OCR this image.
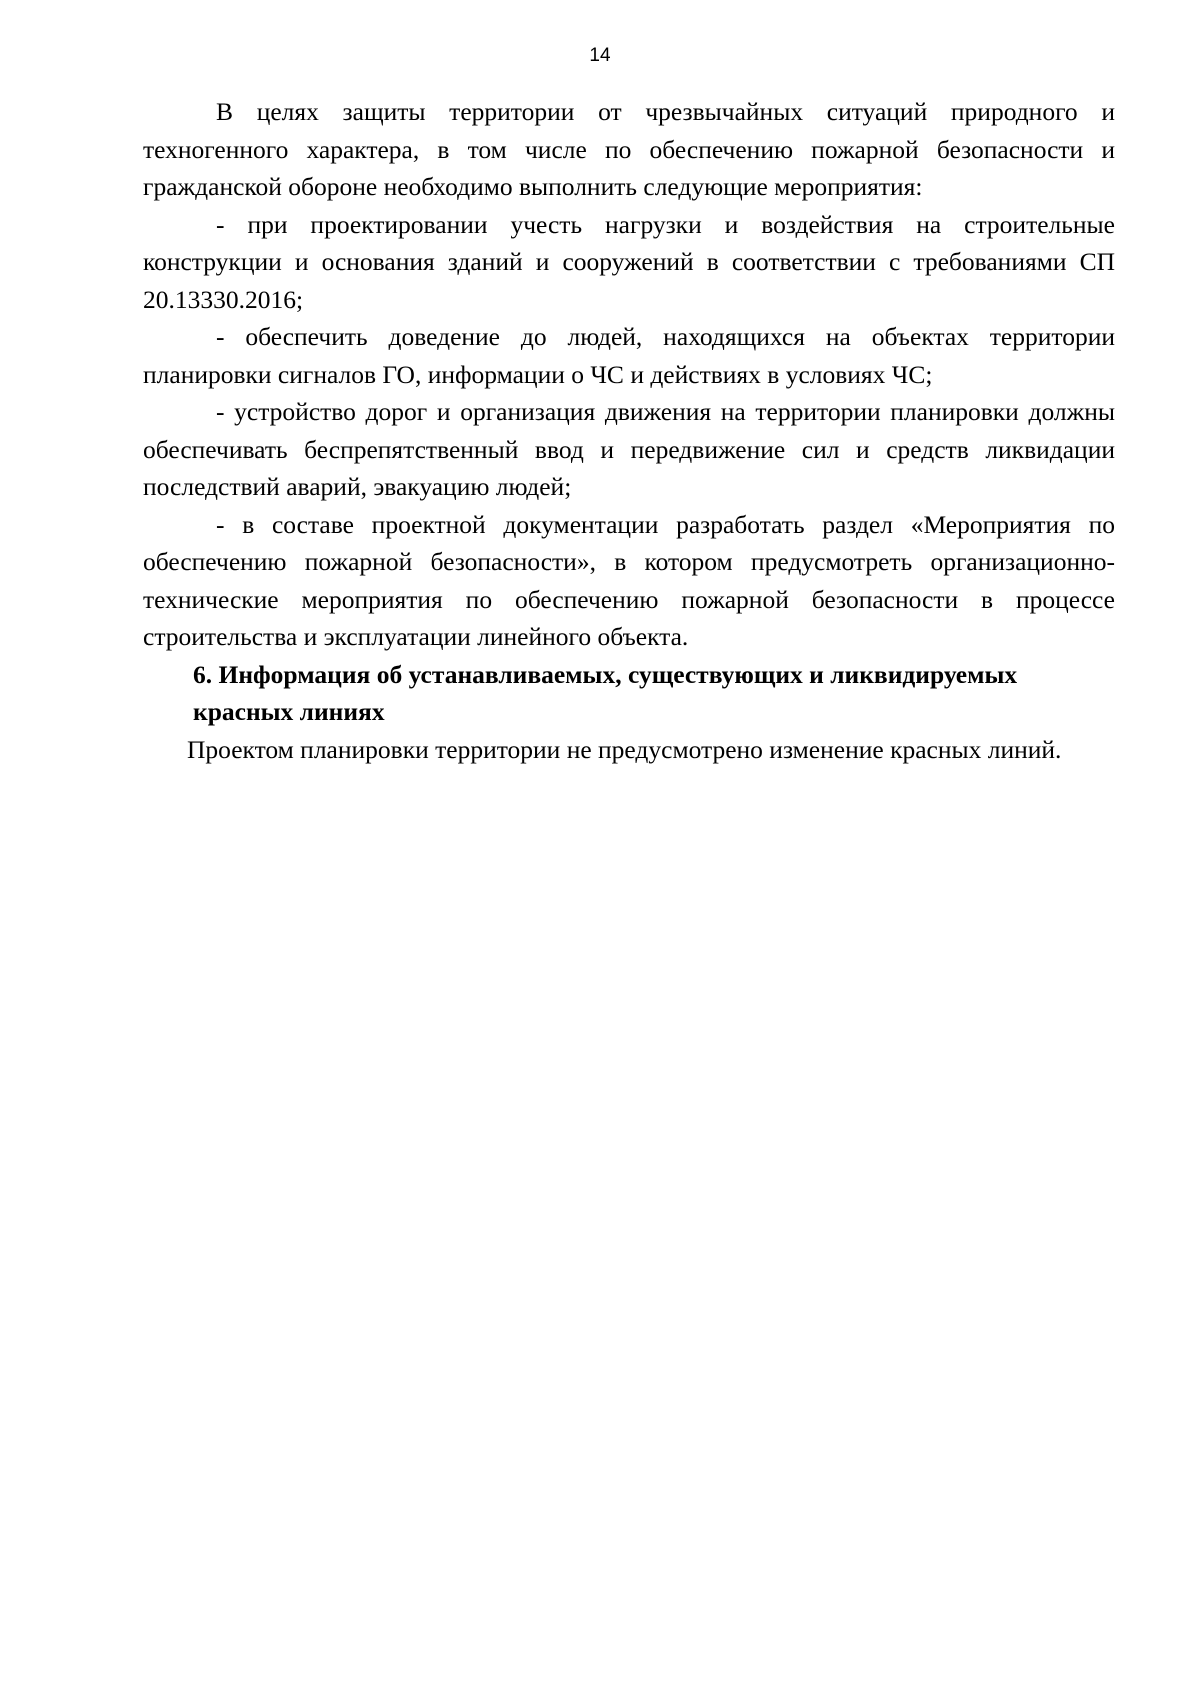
14

В целях защиты территории от чрезвычайных ситуаций природного и техногенного характера, в том числе по обеспечению пожарной безопасности и гражданской обороне необходимо выполнить следующие мероприятия:

- при проектировании учесть нагрузки и воздействия на строительные конструкции и основания зданий и сооружений в соответствии с требованиями СП 20.13330.2016;

- обеспечить доведение до людей, находящихся на объектах территории планировки сигналов ГО, информации о ЧС и действиях в условиях ЧС;

- устройство дорог и организация движения на территории планировки должны обеспечивать беспрепятственный ввод и передвижение сил и средств ликвидации последствий аварий, эвакуацию людей;

- в составе проектной документации разработать раздел «Мероприятия по обеспечению пожарной безопасности», в котором предусмотреть организационно-технические мероприятия по обеспечению пожарной безопасности в процессе строительства и эксплуатации линейного объекта.

6. Информация об устанавливаемых, существующих и ликвидируемых
красных линиях

Проектом планировки территории не предусмотрено изменение красных линий.
